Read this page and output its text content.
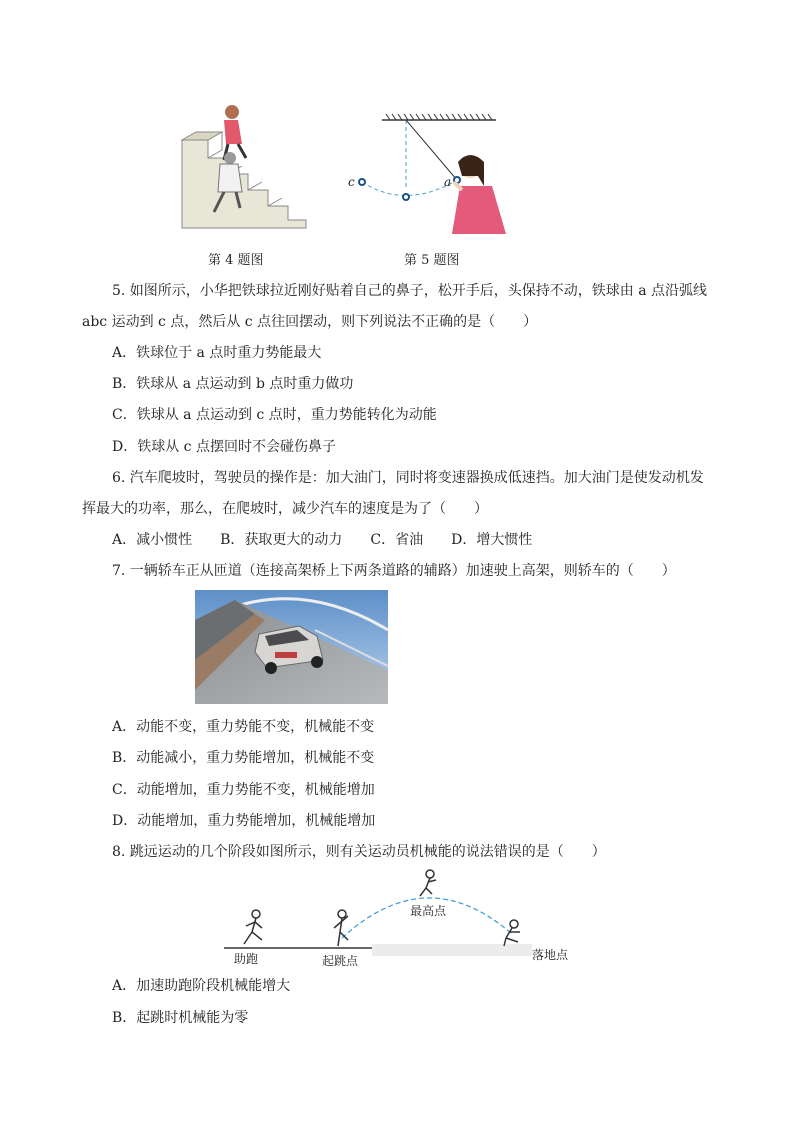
第 4 题图
c	a
第 5 题图
5. 如图所示，小华把铁球拉近刚好贴着自己的鼻子，松开手后，头保持不动，铁球由 a 点沿弧线
abc 运动到 c 点，然后从 c 点往回摆动，则下列说法不正确的是（　　）
A．铁球位于 a 点时重力势能最大
B．铁球从 a 点运动到 b 点时重力做功
C．铁球从 a 点运动到 c 点时，重力势能转化为动能
D．铁球从 c 点摆回时不会碰伤鼻子
6. 汽车爬坡时，驾驶员的操作是：加大油门，同时将变速器换成低速挡。加大油门是使发动机发
挥最大的功率，那么，在爬坡时，减少汽车的速度是为了（　　）
A．减小惯性　　B．获取更大的动力　　C．省油　　D．增大惯性
7. 一辆轿车正从匝道（连接高架桥上下两条道路的辅路）加速驶上高架，则轿车的（　　）
A．动能不变，重力势能不变，机械能不变
B．动能减小，重力势能增加，机械能不变
C．动能增加，重力势能不变，机械能增加
D．动能增加，重力势能增加，机械能增加
8. 跳远运动的几个阶段如图所示，则有关运动员机械能的说法错误的是（　　）
助跑	起跳点
最高点
落地点
A．加速助跑阶段机械能增大
B．起跳时机械能为零
